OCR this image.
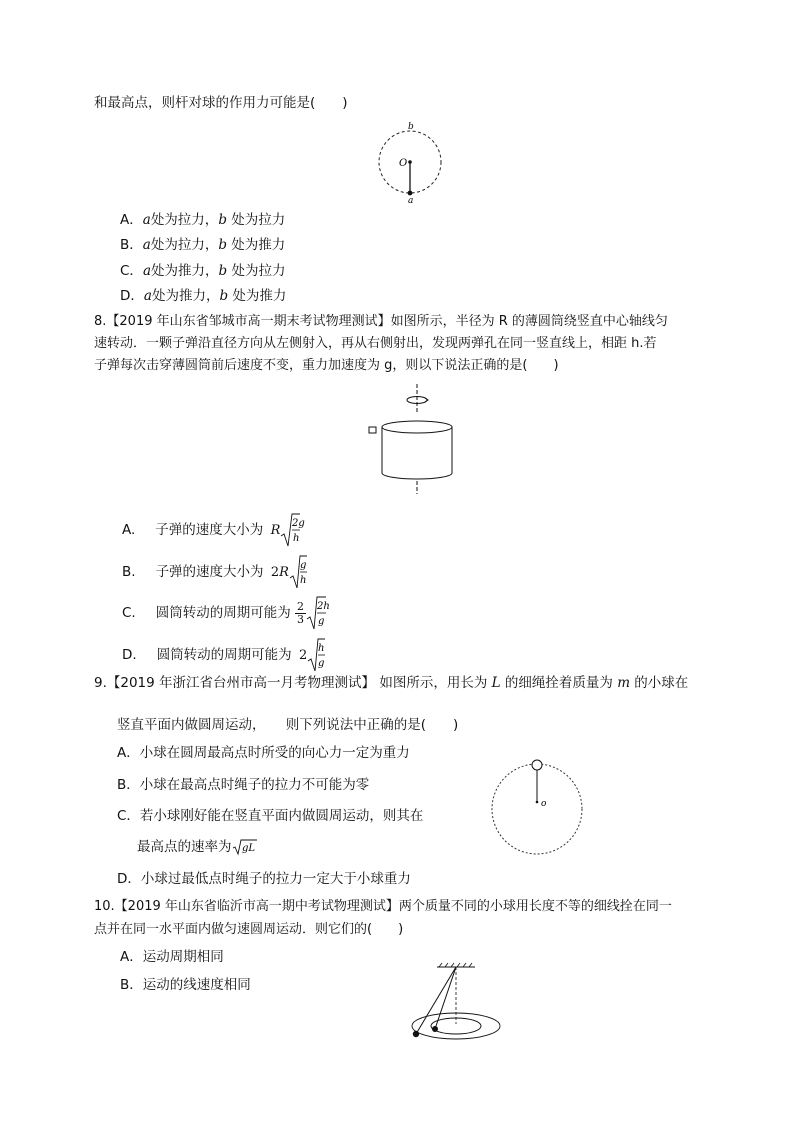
和最高点，则杆对球的作用力可能是(　　)
b
O
a
A．a处为拉力，b 处为拉力
B．a处为拉力，b 处为推力
C．a处为推力，b 处为拉力
D．a处为推力，b 处为推力
8.【2019 年山东省邹城市高一期末考试物理测试】如图所示，半径为 R 的薄圆筒绕竖直中心轴线匀
速转动．一颗子弹沿直径方向从左侧射入，再从右侧射出，发现两弹孔在同一竖直线上，相距 h.若
子弹每次击穿薄圆筒前后速度不变，重力加速度为 g，则以下说法正确的是(　　)
A. 子弹的速度大小为 R 2g
h
B. 子弹的速度大小为 2R g
h
C. 圆筒转动的周期可能为 $\frac{2}{3} 2h$
g
D. 圆筒转动的周期可能为 2 h
g
9.【2019 年浙江省台州市高一月考物理测试】 如图所示，用长为 L 的细绳拴着质量为 m 的小球在
竖直平面内做圆周运动，　　则下列说法中正确的是(　　)
A．小球在圆周最高点时所受的向心力一定为重力
B．小球在最高点时绳子的拉力不可能为零
C．若小球刚好能在竖直平面内做圆周运动，则其在
最高点的速率为 gL
D．小球过最低点时绳子的拉力一定大于小球重力
o
10.【2019 年山东省临沂市高一期中考试物理测试】两个质量不同的小球用长度不等的细线拴在同一
点并在同一水平面内做匀速圆周运动．则它们的(　　)
A．运动周期相同
B．运动的线速度相同
